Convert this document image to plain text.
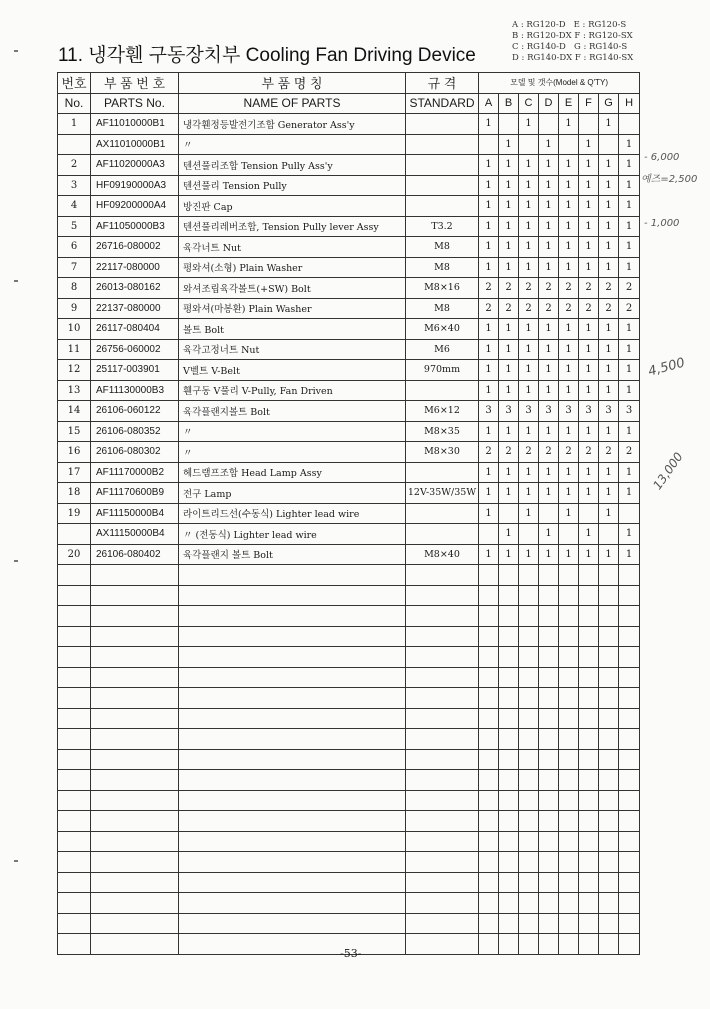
11. 냉각휀 구동장치부 Cooling Fan Driving Device
A : RG120-D   E : RG120-S
B : RG120-DX F : RG120-SX
C : RG140-D   G : RG140-S
D : RG140-DX F : RG140-SX
번호	부 품 번 호	부 품 명 칭	규 격	모델 및 갯수(Model & Q'TY)							
No.	PARTS No.	NAME OF PARTS	STANDARD	A	B	C	D	E	F	G	H
1	AF11010000B1	냉각휀정등발전기조합 Generator Ass'y		1		1		1		1	
	AX11010000B1	〃			1		1		1		1
2	AF11020000A3	텐션풀리조합 Tension Pully Ass'y		1	1	1	1	1	1	1	1
3	HF09190000A3	텐션풀리 Tension Pully		1	1	1	1	1	1	1	1
4	HF09200000A4	방진판 Cap		1	1	1	1	1	1	1	1
5	AF11050000B3	텐션풀리레버조합, Tension Pully lever Assy	T3.2	1	1	1	1	1	1	1	1
6	26716-080002	육각너트 Nut	M8	1	1	1	1	1	1	1	1
7	22117-080000	평와셔(소형) Plain Washer	M8	1	1	1	1	1	1	1	1
8	26013-080162	와셔조립육각볼트(+SW) Bolt	M8×16	2	2	2	2	2	2	2	2
9	22137-080000	평와셔(마봉환) Plain Washer	M8	2	2	2	2	2	2	2	2
10	26117-080404	볼트 Bolt	M6×40	1	1	1	1	1	1	1	1
11	26756-060002	육각고정너트 Nut	M6	1	1	1	1	1	1	1	1
12	25117-003901	V벨트 V-Belt	970mm	1	1	1	1	1	1	1	1
13	AF11130000B3	휀구동 V풀리 V-Pully, Fan Driven		1	1	1	1	1	1	1	1
14	26106-060122	육각플랜지볼트 Bolt	M6×12	3	3	3	3	3	3	3	3
15	26106-080352	〃	M8×35	1	1	1	1	1	1	1	1
16	26106-080302	〃	M8×30	2	2	2	2	2	2	2	2
17	AF11170000B2	헤드램프조합 Head Lamp Assy		1	1	1	1	1	1	1	1
18	AF11170600B9	전구 Lamp	12V-35W/35W	1	1	1	1	1	1	1	1
19	AF11150000B4	라이트리드선(수동식) Lighter lead wire		1		1		1		1	
	AX11150000B4	〃 (전동식) Lighter lead wire			1		1		1		1
20	26106-080402	육각플랜지 볼트 Bolt	M8×40	1	1	1	1	1	1	1	1

-53-
- 6,000
예즈=2,500
- 1,000
4,500
13,000
